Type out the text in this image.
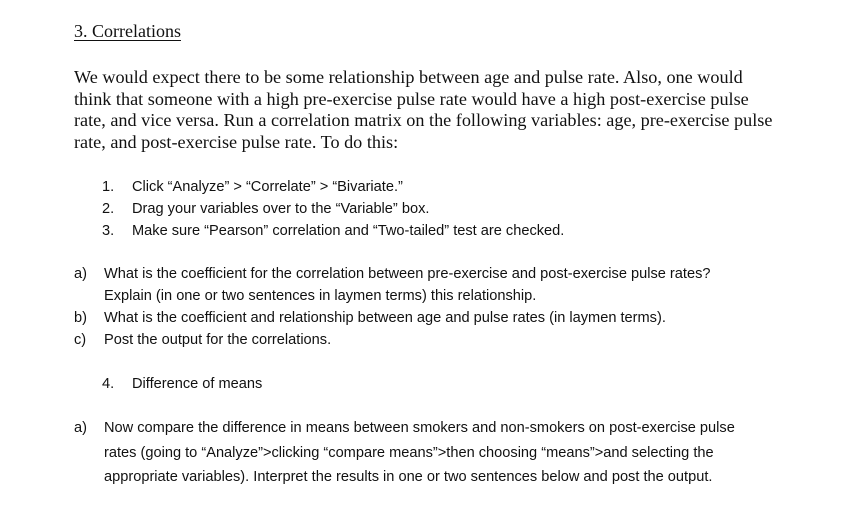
3. Correlations
We would expect there to be some relationship between age and pulse rate. Also, one would
think that someone with a high pre-exercise pulse rate would have a high post-exercise pulse
rate, and vice versa. Run a correlation matrix on the following variables: age, pre-exercise pulse
rate, and post-exercise pulse rate. To do this:
1.	Click “Analyze” > “Correlate” > “Bivariate.”
2.	Drag your variables over to the “Variable” box.
3.	Make sure “Pearson” correlation and “Two-tailed” test are checked.
a)	What is the coefficient for the correlation between pre-exercise and post-exercise pulse rates?
Explain (in one or two sentences in laymen terms) this relationship.
b)	What is the coefficient and relationship between age and pulse rates (in laymen terms).
c)	Post the output for the correlations.
4.	Difference of means
a)	Now compare the difference in means between smokers and non-smokers on post-exercise pulse
rates (going to “Analyze”>clicking “compare means”>then choosing “means”>and selecting the
appropriate variables). Interpret the results in one or two sentences below and post the output.
